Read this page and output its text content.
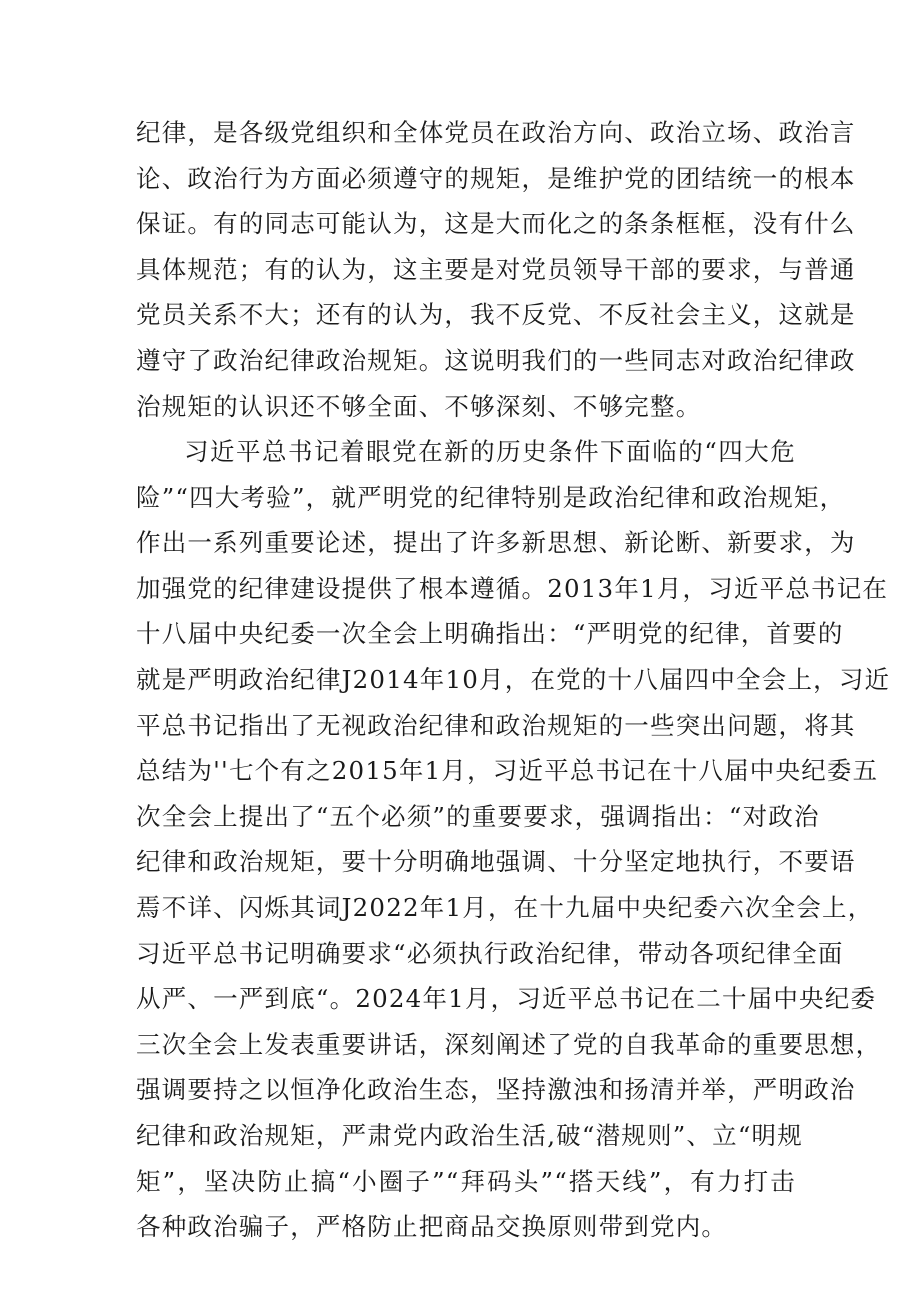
纪律，是各级党组织和全体党员在政治方向、政治立场、政治言
论、政治行为方面必须遵守的规矩，是维护党的团结统一的根本
保证。有的同志可能认为，这是大而化之的条条框框，没有什么
具体规范；有的认为，这主要是对党员领导干部的要求，与普通
党员关系不大；还有的认为，我不反党、不反社会主义，这就是
遵守了政治纪律政治规矩。这说明我们的一些同志对政治纪律政
治规矩的认识还不够全面、不够深刻、不够完整。
习近平总书记着眼党在新的历史条件下面临的“四大危
险”“四大考验”，就严明党的纪律特别是政治纪律和政治规矩，
作出一系列重要论述，提出了许多新思想、新论断、新要求，为
加强党的纪律建设提供了根本遵循。2013年1月，习近平总书记在
十八届中央纪委一次全会上明确指出：“严明党的纪律，首要的
就是严明政治纪律J2014年10月，在党的十八届四中全会上，习近
平总书记指出了无视政治纪律和政治规矩的一些突出问题，将其
总结为''七个有之2015年1月，习近平总书记在十八届中央纪委五
次全会上提出了“五个必须”的重要要求，强调指出：“对政治
纪律和政治规矩，要十分明确地强调、十分坚定地执行，不要语
焉不详、闪烁其词J2022年1月，在十九届中央纪委六次全会上，
习近平总书记明确要求“必须执行政治纪律，带动各项纪律全面
从严、一严到底“。2024年1月，习近平总书记在二十届中央纪委
三次全会上发表重要讲话，深刻阐述了党的自我革命的重要思想，
强调要持之以恒净化政治生态，坚持激浊和扬清并举，严明政治
纪律和政治规矩，严肃党内政治生活,破“潜规则”、立“明规
矩”，坚决防止搞“小圈子”“拜码头”“搭天线”，有力打击
各种政治骗子，严格防止把商品交换原则带到党内。
